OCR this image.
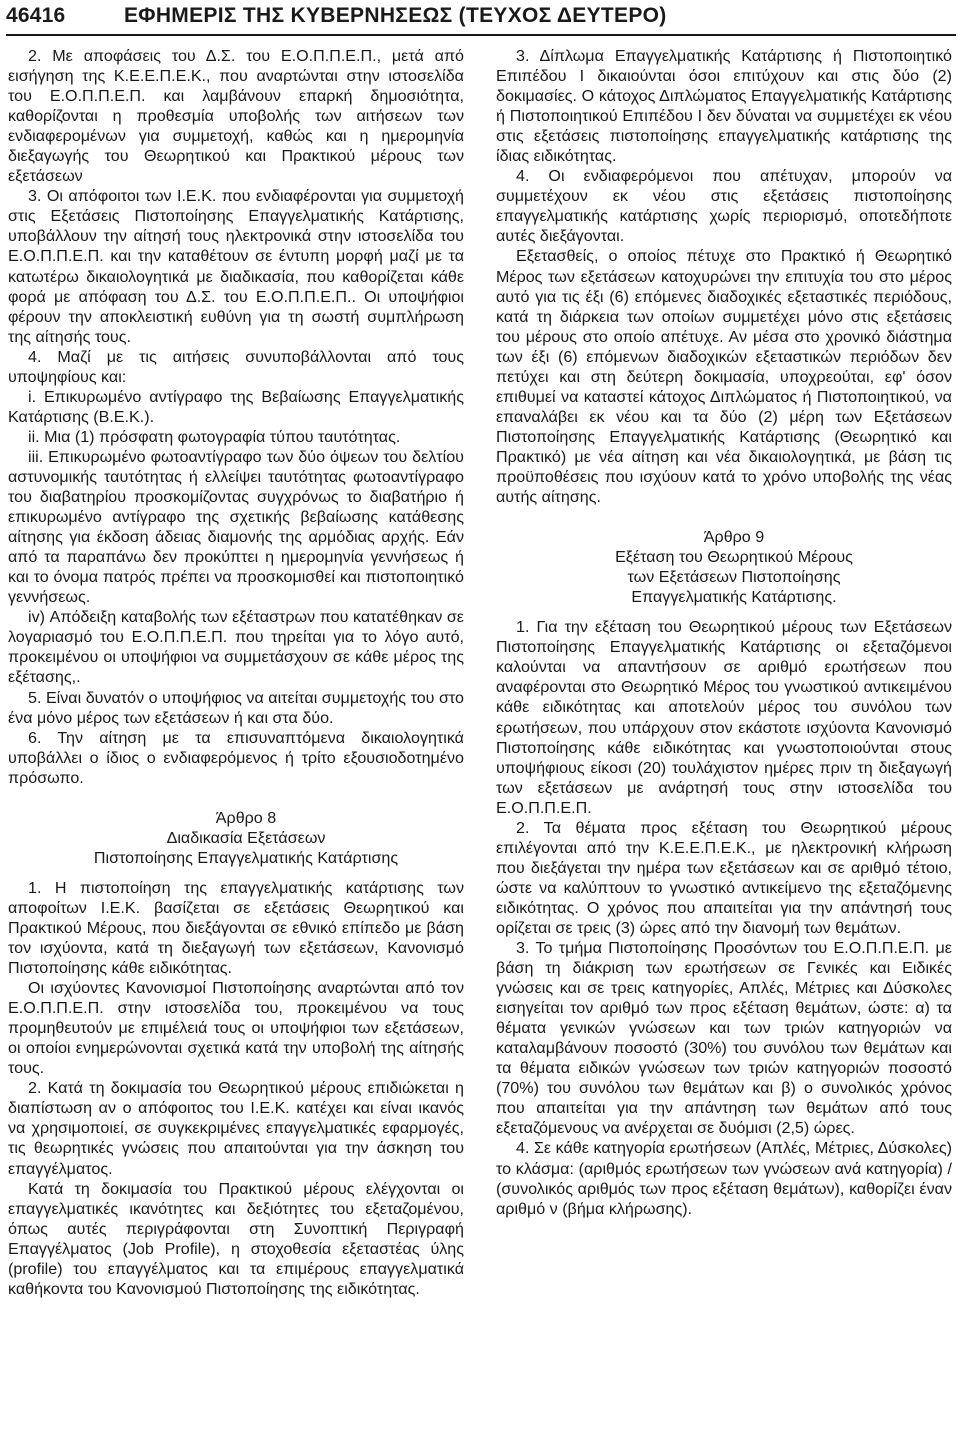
46416	ΕΦΗΜΕΡΙΣ ΤΗΣ ΚΥΒΕΡΝΗΣΕΩΣ (ΤΕΥΧΟΣ ΔΕΥΤΕΡΟ)

2. Με αποφάσεις του Δ.Σ. του Ε.Ο.Π.Π.Ε.Π., μετά από εισήγηση της Κ.Ε.Ε.Π.Ε.Κ., που αναρτώνται στην ιστοσελίδα του Ε.Ο.Π.Π.Ε.Π. και λαμβάνουν επαρκή δημοσιότητα, καθορίζονται η προθεσμία υποβολής των αιτήσεων των ενδιαφερομένων για συμμετοχή, καθώς και η ημερομηνία διεξαγωγής του Θεωρητικού και Πρακτικού μέρους των εξετάσεων

3. Οι απόφοιτοι των Ι.Ε.Κ. που ενδιαφέρονται για συμμετοχή στις Εξετάσεις Πιστοποίησης Επαγγελματικής Κατάρτισης, υποβάλλουν την αίτησή τους ηλεκτρονικά στην ιστοσελίδα του Ε.Ο.Π.Π.Ε.Π. και την καταθέτουν σε έντυπη μορφή μαζί με τα κατωτέρω δικαιολογητικά με διαδικασία, που καθορίζεται κάθε φορά με απόφαση του Δ.Σ. του Ε.Ο.Π.Π.Ε.Π.. Οι υποψήφιοι φέρουν την αποκλειστική ευθύνη για τη σωστή συμπλήρωση της αίτησής τους.

4. Μαζί με τις αιτήσεις συνυποβάλλονται από τους υποψηφίους και:

i. Επικυρωμένο αντίγραφο της Βεβαίωσης Επαγγελματικής Κατάρτισης (Β.Ε.Κ.).

ii. Μια (1) πρόσφατη φωτογραφία τύπου ταυτότητας.

iii. Επικυρωμένο φωτοαντίγραφο των δύο όψεων του δελτίου αστυνομικής ταυτότητας ή ελλείψει ταυτότητας φωτοαντίγραφο του διαβατηρίου προσκομίζοντας συγχρόνως το διαβατήριο ή επικυρωμένο αντίγραφο της σχετικής βεβαίωσης κατάθεσης αίτησης για έκδοση άδειας διαμονής της αρμόδιας αρχής. Εάν από τα παραπάνω δεν προκύπτει η ημερομηνία γεννήσεως ή και το όνομα πατρός πρέπει να προσκομισθεί και πιστοποιητικό γεννήσεως.

iv) Απόδειξη καταβολής των εξέταστρων που κατατέθηκαν σε λογαριασμό του Ε.Ο.Π.Π.Ε.Π. που τηρείται για το λόγο αυτό, προκειμένου οι υποψήφιοι να συμμετάσχουν σε κάθε μέρος της εξέτασης,.

5. Είναι δυνατόν ο υποψήφιος να αιτείται συμμετοχής του στο ένα μόνο μέρος των εξετάσεων ή και στα δύο.

6. Την αίτηση με τα επισυναπτόμενα δικαιολογητικά υποβάλλει ο ίδιος ο ενδιαφερόμενος ή τρίτο εξουσιοδοτημένο πρόσωπο.

Άρθρο 8

Διαδικασία Εξετάσεων

Πιστοποίησης Επαγγελματικής Κατάρτισης

1. Η πιστοποίηση της επαγγελματικής κατάρτισης των αποφοίτων Ι.Ε.Κ. βασίζεται σε εξετάσεις Θεωρητικού και Πρακτικού Μέρους, που διεξάγονται σε εθνικό επίπεδο με βάση τον ισχύοντα, κατά τη διεξαγωγή των εξετάσεων, Κανονισμό Πιστοποίησης κάθε ειδικότητας.

Οι ισχύοντες Κανονισμοί Πιστοποίησης αναρτώνται από τον Ε.Ο.Π.Π.Ε.Π. στην ιστοσελίδα του, προκειμένου να τους προμηθευτούν με επιμέλειά τους οι υποψήφιοι των εξετάσεων, οι οποίοι ενημερώνονται σχετικά κατά την υποβολή της αίτησής τους.

2. Κατά τη δοκιμασία του Θεωρητικού μέρους επιδιώκεται η διαπίστωση αν ο απόφοιτος του Ι.Ε.Κ. κατέχει και είναι ικανός να χρησιμοποιεί, σε συγκεκριμένες επαγγελματικές εφαρμογές, τις θεωρητικές γνώσεις που απαιτούνται για την άσκηση του επαγγέλματος.

Κατά τη δοκιμασία του Πρακτικού μέρους ελέγχονται οι επαγγελματικές ικανότητες και δεξιότητες του εξεταζομένου, όπως αυτές περιγράφονται στη Συνοπτική Περιγραφή Επαγγέλματος (Job Profile), η στοχοθεσία εξεταστέας ύλης (profile) του επαγγέλματος και τα επιμέρους επαγγελματικά καθήκοντα του Κανονισμού Πιστοποίησης της ειδικότητας.

3. Δίπλωμα Επαγγελματικής Κατάρτισης ή Πιστοποιητικό Επιπέδου Ι δικαιούνται όσοι επιτύχουν και στις δύο (2) δοκιμασίες. Ο κάτοχος Διπλώματος Επαγγελματικής Κατάρτισης ή Πιστοποιητικού Επιπέδου Ι δεν δύναται να συμμετέχει εκ νέου στις εξετάσεις πιστοποίησης επαγγελματικής κατάρτισης της ίδιας ειδικότητας.

4. Οι ενδιαφερόμενοι που απέτυχαν, μπορούν να συμμετέχουν εκ νέου στις εξετάσεις πιστοποίησης επαγγελματικής κατάρτισης χωρίς περιορισμό, οποτεδήποτε αυτές διεξάγονται.

Εξετασθείς, ο οποίος πέτυχε στο Πρακτικό ή Θεωρητικό Μέρος των εξετάσεων κατοχυρώνει την επιτυχία του στο μέρος αυτό για τις έξι (6) επόμενες διαδοχικές εξεταστικές περιόδους, κατά τη διάρκεια των οποίων συμμετέχει μόνο στις εξετάσεις του μέρους στο οποίο απέτυχε. Αν μέσα στο χρονικό διάστημα των έξι (6) επόμενων διαδοχικών εξεταστικών περιόδων δεν πετύχει και στη δεύτερη δοκιμασία, υποχρεούται, εφ' όσον επιθυμεί να καταστεί κάτοχος Διπλώματος ή Πιστοποιητικού, να επαναλάβει εκ νέου και τα δύο (2) μέρη των Εξετάσεων Πιστοποίησης Επαγγελματικής Κατάρτισης (Θεωρητικό και Πρακτικό) με νέα αίτηση και νέα δικαιολογητικά, με βάση τις προϋποθέσεις που ισχύουν κατά το χρόνο υποβολής της νέας αυτής αίτησης.

Άρθρο 9

Εξέταση του Θεωρητικού Μέρους

των Εξετάσεων Πιστοποίησης

Επαγγελματικής Κατάρτισης.

1. Για την εξέταση του Θεωρητικού μέρους των Εξετάσεων Πιστοποίησης Επαγγελματικής Κατάρτισης οι εξεταζόμενοι καλούνται να απαντήσουν σε αριθμό ερωτήσεων που αναφέρονται στο Θεωρητικό Μέρος του γνωστικού αντικειμένου κάθε ειδικότητας και αποτελούν μέρος του συνόλου των ερωτήσεων, που υπάρχουν στον εκάστοτε ισχύοντα Κανονισμό Πιστοποίησης κάθε ειδικότητας και γνωστοποιούνται στους υποψήφιους είκοσι (20) τουλάχιστον ημέρες πριν τη διεξαγωγή των εξετάσεων με ανάρτησή τους στην ιστοσελίδα του Ε.Ο.Π.Π.Ε.Π.

2. Τα θέματα προς εξέταση του Θεωρητικού μέρους επιλέγονται από την Κ.Ε.Ε.Π.Ε.Κ., με ηλεκτρονική κλήρωση που διεξάγεται την ημέρα των εξετάσεων και σε αριθμό τέτοιο, ώστε να καλύπτουν το γνωστικό αντικείμενο της εξεταζόμενης ειδικότητας. Ο χρόνος που απαιτείται για την απάντησή τους ορίζεται σε τρεις (3) ώρες από την διανομή των θεμάτων.

3. Το τμήμα Πιστοποίησης Προσόντων του Ε.Ο.Π.Π.Ε.Π. με βάση τη διάκριση των ερωτήσεων σε Γενικές και Ειδικές γνώσεις και σε τρεις κατηγορίες, Απλές, Μέτριες και Δύσκολες εισηγείται τον αριθμό των προς εξέταση θεμάτων, ώστε: α) τα θέματα γενικών γνώσεων και των τριών κατηγοριών να καταλαμβάνουν ποσοστό (30%) του συνόλου των θεμάτων και τα θέματα ειδικών γνώσεων των τριών κατηγοριών ποσοστό (70%) του συνόλου των θεμάτων και β) ο συνολικός χρόνος που απαιτείται για την απάντηση των θεμάτων από τους εξεταζόμενους να ανέρχεται σε δυόμισι (2,5) ώρες.

4. Σε κάθε κατηγορία ερωτήσεων (Απλές, Μέτριες, Δύσκολες) το κλάσμα: (αριθμός ερωτήσεων των γνώσεων ανά κατηγορία) / (συνολικός αριθμός των προς εξέταση θεμάτων), καθορίζει έναν αριθμό ν (βήμα κλήρωσης).
